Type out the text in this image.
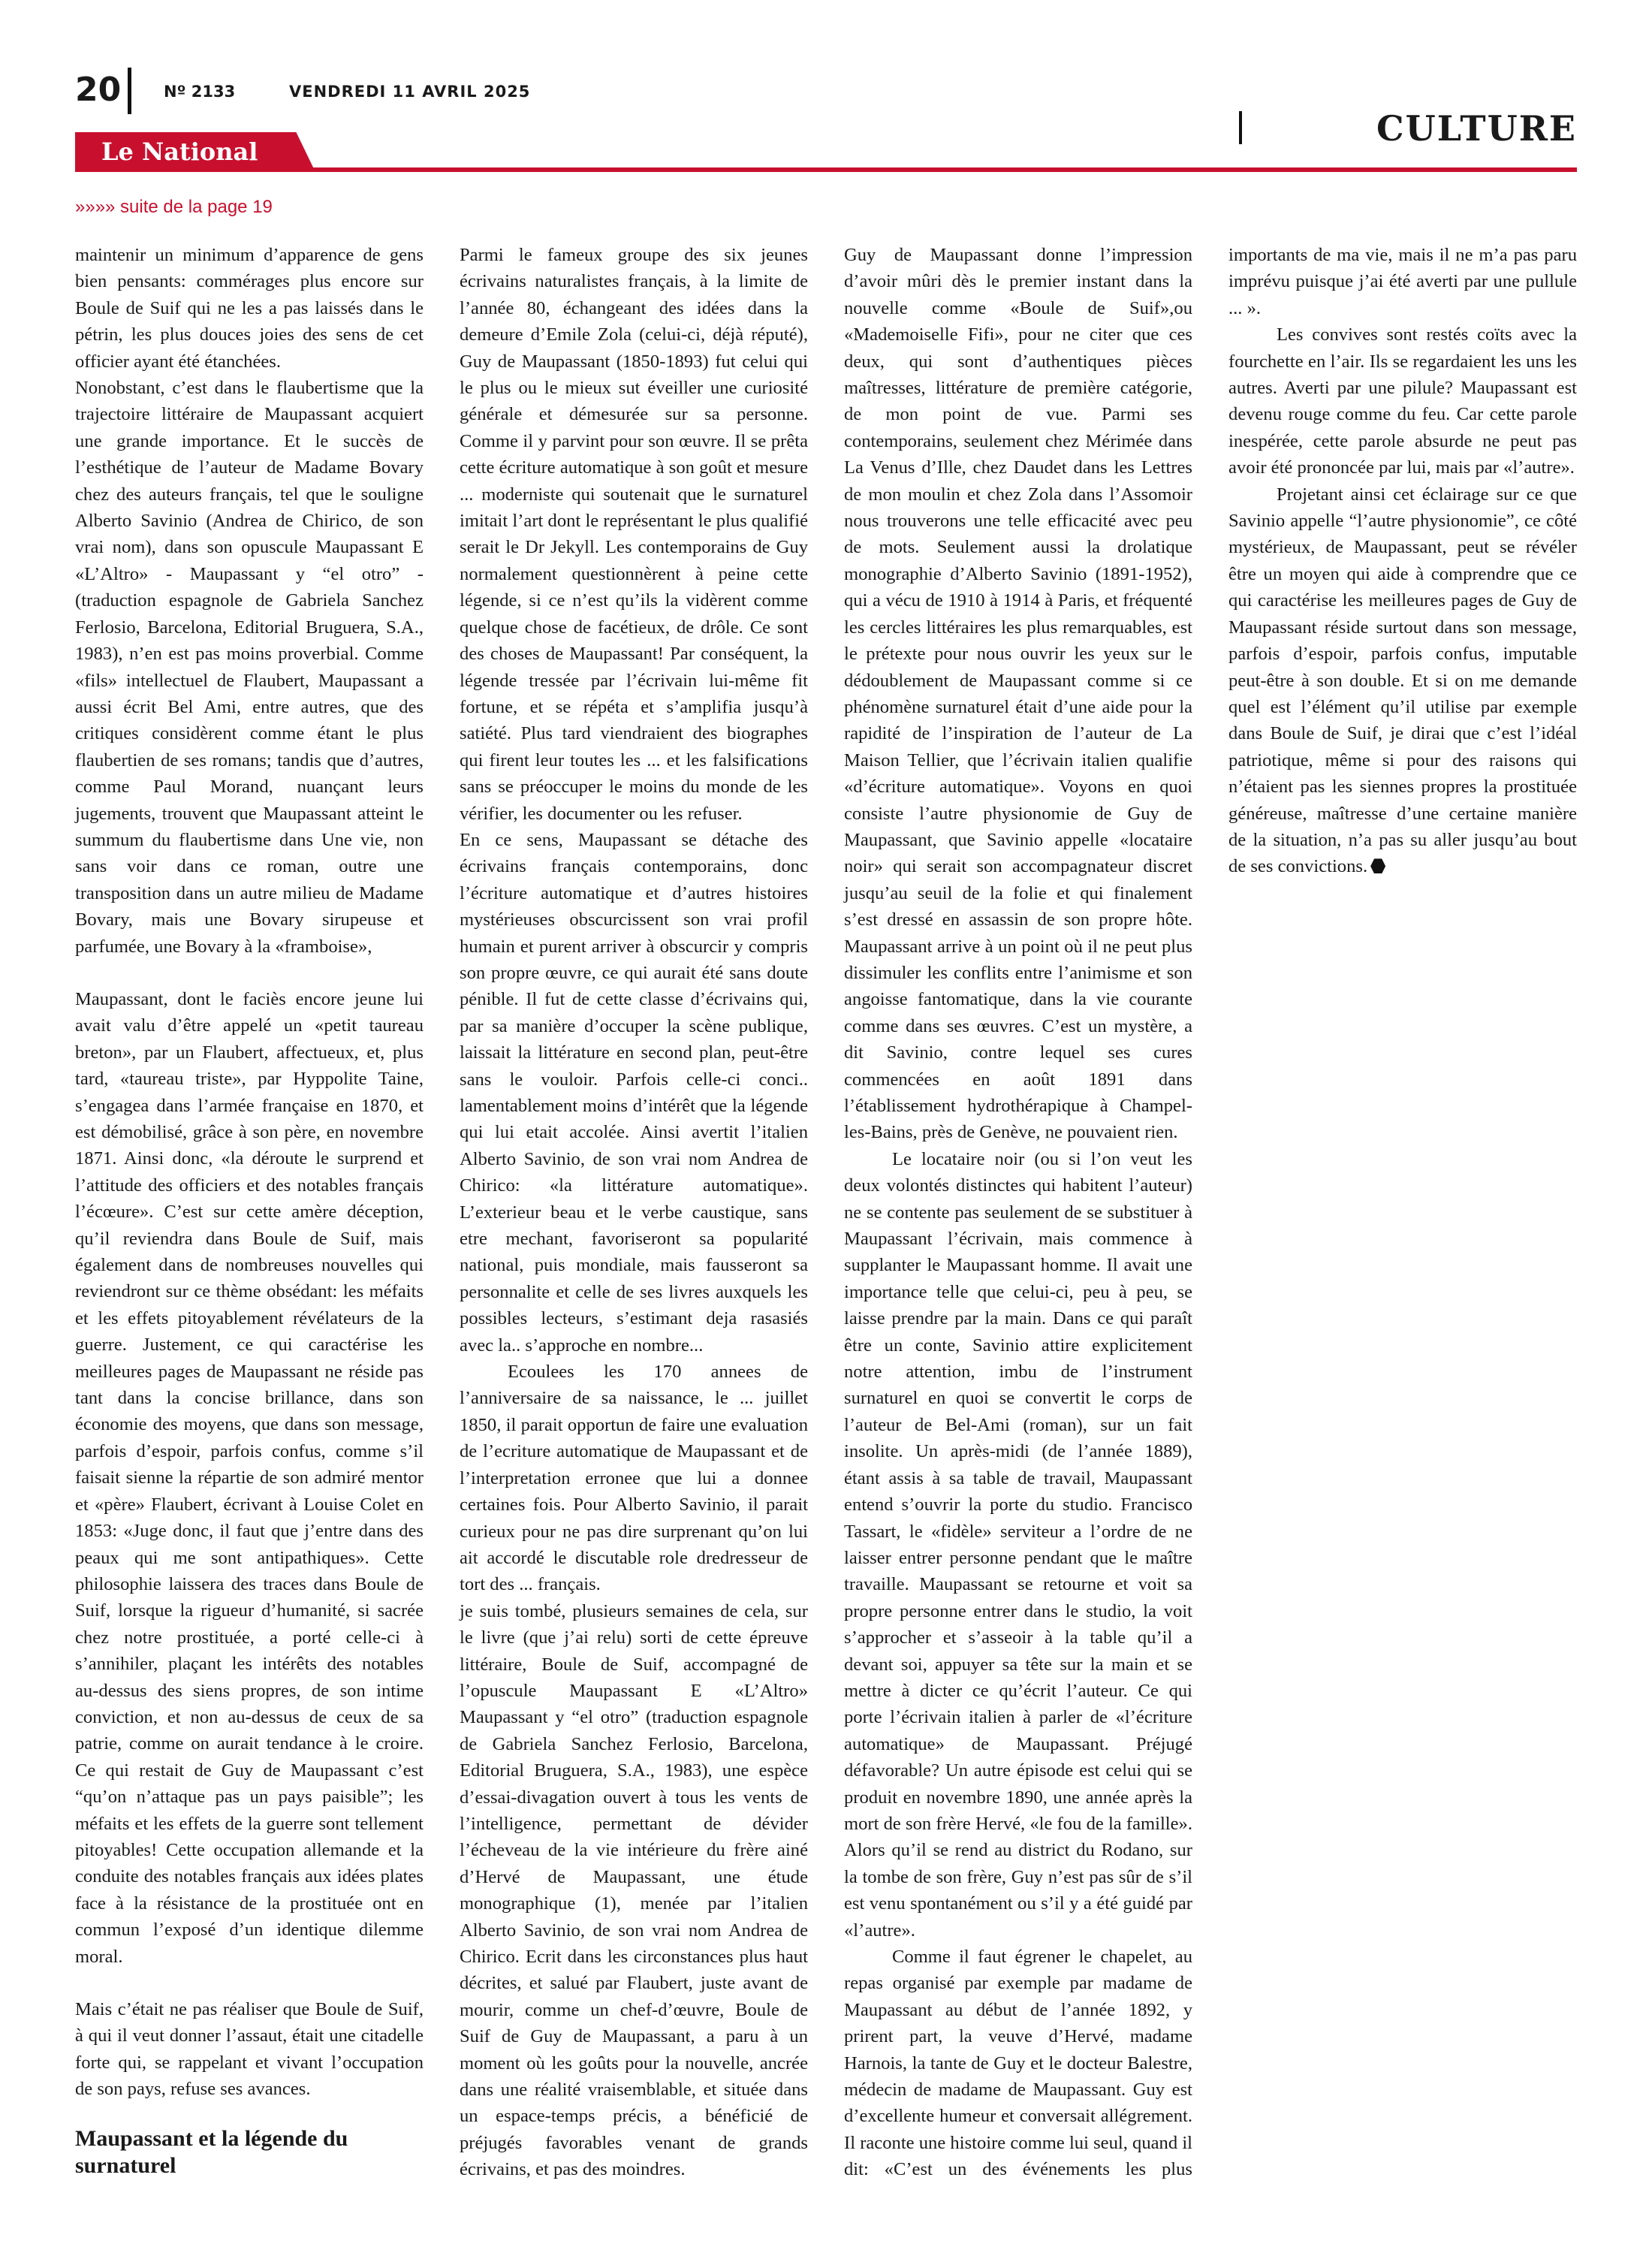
20	Nº 2133	VENDREDI 11 AVRIL 2025
CULTURE
Le National
»»»» suite de la page 19

maintenir un minimum d’apparence de gens bien pensants: commérages plus encore sur Boule de Suif qui ne les a pas laissés dans le pétrin, les plus douces joies des sens de cet officier ayant été étanchées.

Nonobstant, c’est dans le flaubertisme que la trajectoire littéraire de Maupassant acquiert une grande importance. Et le succès de l’esthétique de l’auteur de Madame Bovary chez des auteurs français, tel que le souligne Alberto Savinio (Andrea de Chirico, de son vrai nom), dans son opuscule Maupassant E «L’Altro» - Maupassant y “el otro” -(traduction espagnole de Gabriela Sanchez Ferlosio, Barcelona, Editorial Bruguera, S.A., 1983), n’en est pas moins proverbial. Comme «fils» intellectuel de Flaubert, Maupassant a aussi écrit Bel Ami, entre autres, que des critiques considèrent comme étant le plus flaubertien de ses romans; tandis que d’autres, comme Paul Morand, nuançant leurs jugements, trouvent que Maupassant atteint le summum du flaubertisme dans Une vie, non sans voir dans ce roman, outre une transposition dans un autre milieu de Madame Bovary, mais une Bovary sirupeuse et parfumée, une Bovary à la «framboise»,

Maupassant, dont le faciès encore jeune lui avait valu d’être appelé un «petit taureau breton», par un Flaubert, affectueux, et, plus tard, «taureau triste», par Hyppolite Taine, s’engagea dans l’armée française en 1870, et est démobilisé, grâce à son père, en novembre 1871. Ainsi donc, «la déroute le surprend et l’attitude des officiers et des notables français l’écœure». C’est sur cette amère déception, qu’il reviendra dans Boule de Suif, mais également dans de nombreuses nouvelles qui reviendront sur ce thème obsédant: les méfaits et les effets pitoyablement révélateurs de la guerre. Justement, ce qui caractérise les meilleures pages de Maupassant ne réside pas tant dans la concise brillance, dans son économie des moyens, que dans son message, parfois d’espoir, parfois confus, comme s’il faisait sienne la répartie de son admiré mentor et «père» Flaubert, écrivant à Louise Colet en 1853: «Juge donc, il faut que j’entre dans des peaux qui me sont antipathiques». Cette philosophie laissera des traces dans Boule de Suif, lorsque la rigueur d’humanité, si sacrée chez notre prostituée, a porté celle-ci à s’annihiler, plaçant les intérêts des notables au-dessus des siens propres, de son intime conviction, et non au-dessus de ceux de sa patrie, comme on aurait tendance à le croire. Ce qui restait de Guy de Maupassant c’est “qu’on n’attaque pas un pays paisible”; les méfaits et les effets de la guerre sont tellement pitoyables! Cette occupation allemande et la conduite des notables français aux idées plates face à la résistance de la prostituée ont en commun l’exposé d’un identique dilemme moral.

Mais c’était ne pas réaliser que Boule de Suif, à qui il veut donner l’assaut, était une citadelle forte qui, se rappelant et vivant l’occupation de son pays, refuse ses avances.

Maupassant et la légende du surnaturel

Parmi le fameux groupe des six jeunes écrivains naturalistes français, à la limite de l’année 80, échangeant des idées dans la demeure d’Emile Zola (celui-ci, déjà réputé), Guy de Maupassant (1850-1893) fut celui qui le plus ou le mieux sut éveiller une curiosité générale et démesurée sur sa personne. Comme il y parvint pour son œuvre. Il se prêta cette écriture automatique à son goût et mesure ... moderniste qui soutenait que le surnaturel imitait l’art dont le représentant le plus qualifié serait le Dr Jekyll. Les contemporains de Guy normalement questionnèrent à peine cette légende, si ce n’est qu’ils la vidèrent comme quelque chose de facétieux, de drôle. Ce sont des choses de Maupassant! Par conséquent, la légende tressée par l’écrivain lui-même fit fortune, et se répéta et s’amplifia jusqu’à satiété. Plus tard viendraient des biographes qui firent leur toutes les ... et les falsifications sans se préoccuper le moins du monde de les vérifier, les documenter ou les refuser.

En ce sens, Maupassant se détache des écrivains français contemporains, donc l’écriture automatique et d’autres histoires mystérieuses obscurcissent son vrai profil humain et purent arriver à obscurcir y compris son propre œuvre, ce qui aurait été sans doute pénible. Il fut de cette classe d’écrivains qui, par sa manière d’occuper la scène publique, laissait la littérature en second plan, peut-être sans le vouloir. Parfois celle-ci conci.. lamentablement moins d’intérêt que la légende qui lui etait accolée. Ainsi avertit l’italien Alberto Savinio, de son vrai nom Andrea de Chirico: «la littérature automatique». L’exterieur beau et le verbe caustique, sans etre mechant, favoriseront sa popularité national, puis mondiale, mais fausseront sa personnalite et celle de ses livres auxquels les possibles lecteurs, s’estimant deja rasasiés avec la.. s’approche en nombre...

Ecoulees les 170 annees de l’anniversaire de sa naissance, le ... juillet 1850, il parait opportun de faire une evaluation de l’ecriture automatique de Maupassant et de l’interpretation erronee que lui a donnee certaines fois. Pour Alberto Savinio, il parait curieux pour ne pas dire surprenant qu’on lui ait accordé le discutable role dredresseur de tort des ... français.

je suis tombé, plusieurs semaines de cela, sur le livre (que j’ai relu) sorti de cette épreuve littéraire, Boule de Suif, accompagné de l’opuscule Maupassant E «L’Altro» Maupassant y “el otro” (traduction espagnole de Gabriela Sanchez Ferlosio, Barcelona, Editorial Bruguera, S.A., 1983), une espèce d’essai-divagation ouvert à tous les vents de l’intelligence, permettant de dévider l’écheveau de la vie intérieure du frère ainé d’Hervé de Maupassant, une étude monographique (1), menée par l’italien Alberto Savinio, de son vrai nom Andrea de Chirico. Ecrit dans les circonstances plus haut décrites, et salué par Flaubert, juste avant de mourir, comme un chef-d’œuvre, Boule de Suif de Guy de Maupassant, a paru à un moment où les goûts pour la nouvelle, ancrée dans une réalité vraisemblable, et située dans un espace-temps précis, a bénéficié de préjugés favorables venant de grands écrivains, et pas des moindres.

Guy de Maupassant donne l’impression d’avoir mûri dès le premier instant dans la nouvelle comme «Boule de Suif»,ou «Mademoiselle Fifi», pour ne citer que ces deux, qui sont d’authentiques pièces maîtresses, littérature de première catégorie, de mon point de vue. Parmi ses contemporains, seulement chez Mérimée dans La Venus d’Ille, chez Daudet dans les Lettres de mon moulin et chez Zola dans l’Assomoir nous trouverons une telle efficacité avec peu de mots. Seulement aussi la drolatique monographie d’Alberto Savinio (1891-1952), qui a vécu de 1910 à 1914 à Paris, et fréquenté les cercles littéraires les plus remarquables, est le prétexte pour nous ouvrir les yeux sur le dédoublement de Maupassant comme si ce phénomène surnaturel était d’une aide pour la rapidité de l’inspiration de l’auteur de La Maison Tellier, que l’écrivain italien qualifie «d’écriture automatique». Voyons en quoi consiste l’autre physionomie de Guy de Maupassant, que Savinio appelle «locataire noir» qui serait son accompagnateur discret jusqu’au seuil de la folie et qui finalement s’est dressé en assassin de son propre hôte. Maupassant arrive à un point où il ne peut plus dissimuler les conflits entre l’animisme et son angoisse fantomatique, dans la vie courante comme dans ses œuvres. C’est un mystère, a dit Savinio, contre lequel ses cures commencées en août 1891 dans l’établissement hydrothérapique à Champel-les-Bains, près de Genève, ne pouvaient rien.

Le locataire noir (ou si l’on veut les deux volontés distinctes qui habitent l’auteur) ne se contente pas seulement de se substituer à Maupassant l’écrivain, mais commence à supplanter le Maupassant homme. Il avait une importance telle que celui-ci, peu à peu, se laisse prendre par la main. Dans ce qui paraît être un conte, Savinio attire explicitement notre attention, imbu de l’instrument surnaturel en quoi se convertit le corps de l’auteur de Bel-Ami (roman), sur un fait insolite. Un après-midi (de l’année 1889), étant assis à sa table de travail, Maupassant entend s’ouvrir la porte du studio. Francisco Tassart, le «fidèle» serviteur a l’ordre de ne laisser entrer personne pendant que le maître travaille. Maupassant se retourne et voit sa propre personne entrer dans le studio, la voit s’approcher et s’asseoir à la table qu’il a devant soi, appuyer sa tête sur la main et se mettre à dicter ce qu’écrit l’auteur. Ce qui porte l’écrivain italien à parler de «l’écriture automatique» de Maupassant. Préjugé défavorable? Un autre épisode est celui qui se produit en novembre 1890, une année après la mort de son frère Hervé, «le fou de la famille». Alors qu’il se rend au district du Rodano, sur la tombe de son frère, Guy n’est pas sûr de s’il est venu spontanément ou s’il y a été guidé par «l’autre».

Comme il faut égrener le chapelet, au repas organisé par exemple par madame de Maupassant au début de l’année 1892, y prirent part, la veuve d’Hervé, madame Harnois, la tante de Guy et le docteur Balestre, médecin de madame de Maupassant. Guy est d’excellente humeur et conversait allégrement. Il raconte une histoire comme lui seul, quand il dit: «C’est un des événements les plus importants de ma vie, mais il ne m’a pas paru imprévu puisque j’ai été averti par une pullule ... ».

Les convives sont restés coïts avec la fourchette en l’air. Ils se regardaient les uns les autres. Averti par une pilule? Maupassant est devenu rouge comme du feu. Car cette parole inespérée, cette parole absurde ne peut pas avoir été prononcée par lui, mais par «l’autre».

Projetant ainsi cet éclairage sur ce que Savinio appelle “l’autre physionomie”, ce côté mystérieux, de Maupassant, peut se révéler être un moyen qui aide à comprendre que ce qui caractérise les meilleures pages de Guy de Maupassant réside surtout dans son message, parfois d’espoir, parfois confus, imputable peut-être à son double. Et si on me demande quel est l’élément qu’il utilise par exemple dans Boule de Suif, je dirai que c’est l’idéal patriotique, même si pour des raisons qui n’étaient pas les siennes propres la prostituée généreuse, maîtresse d’une certaine manière de la situation, n’a pas su aller jusqu’au bout de ses convictions.
